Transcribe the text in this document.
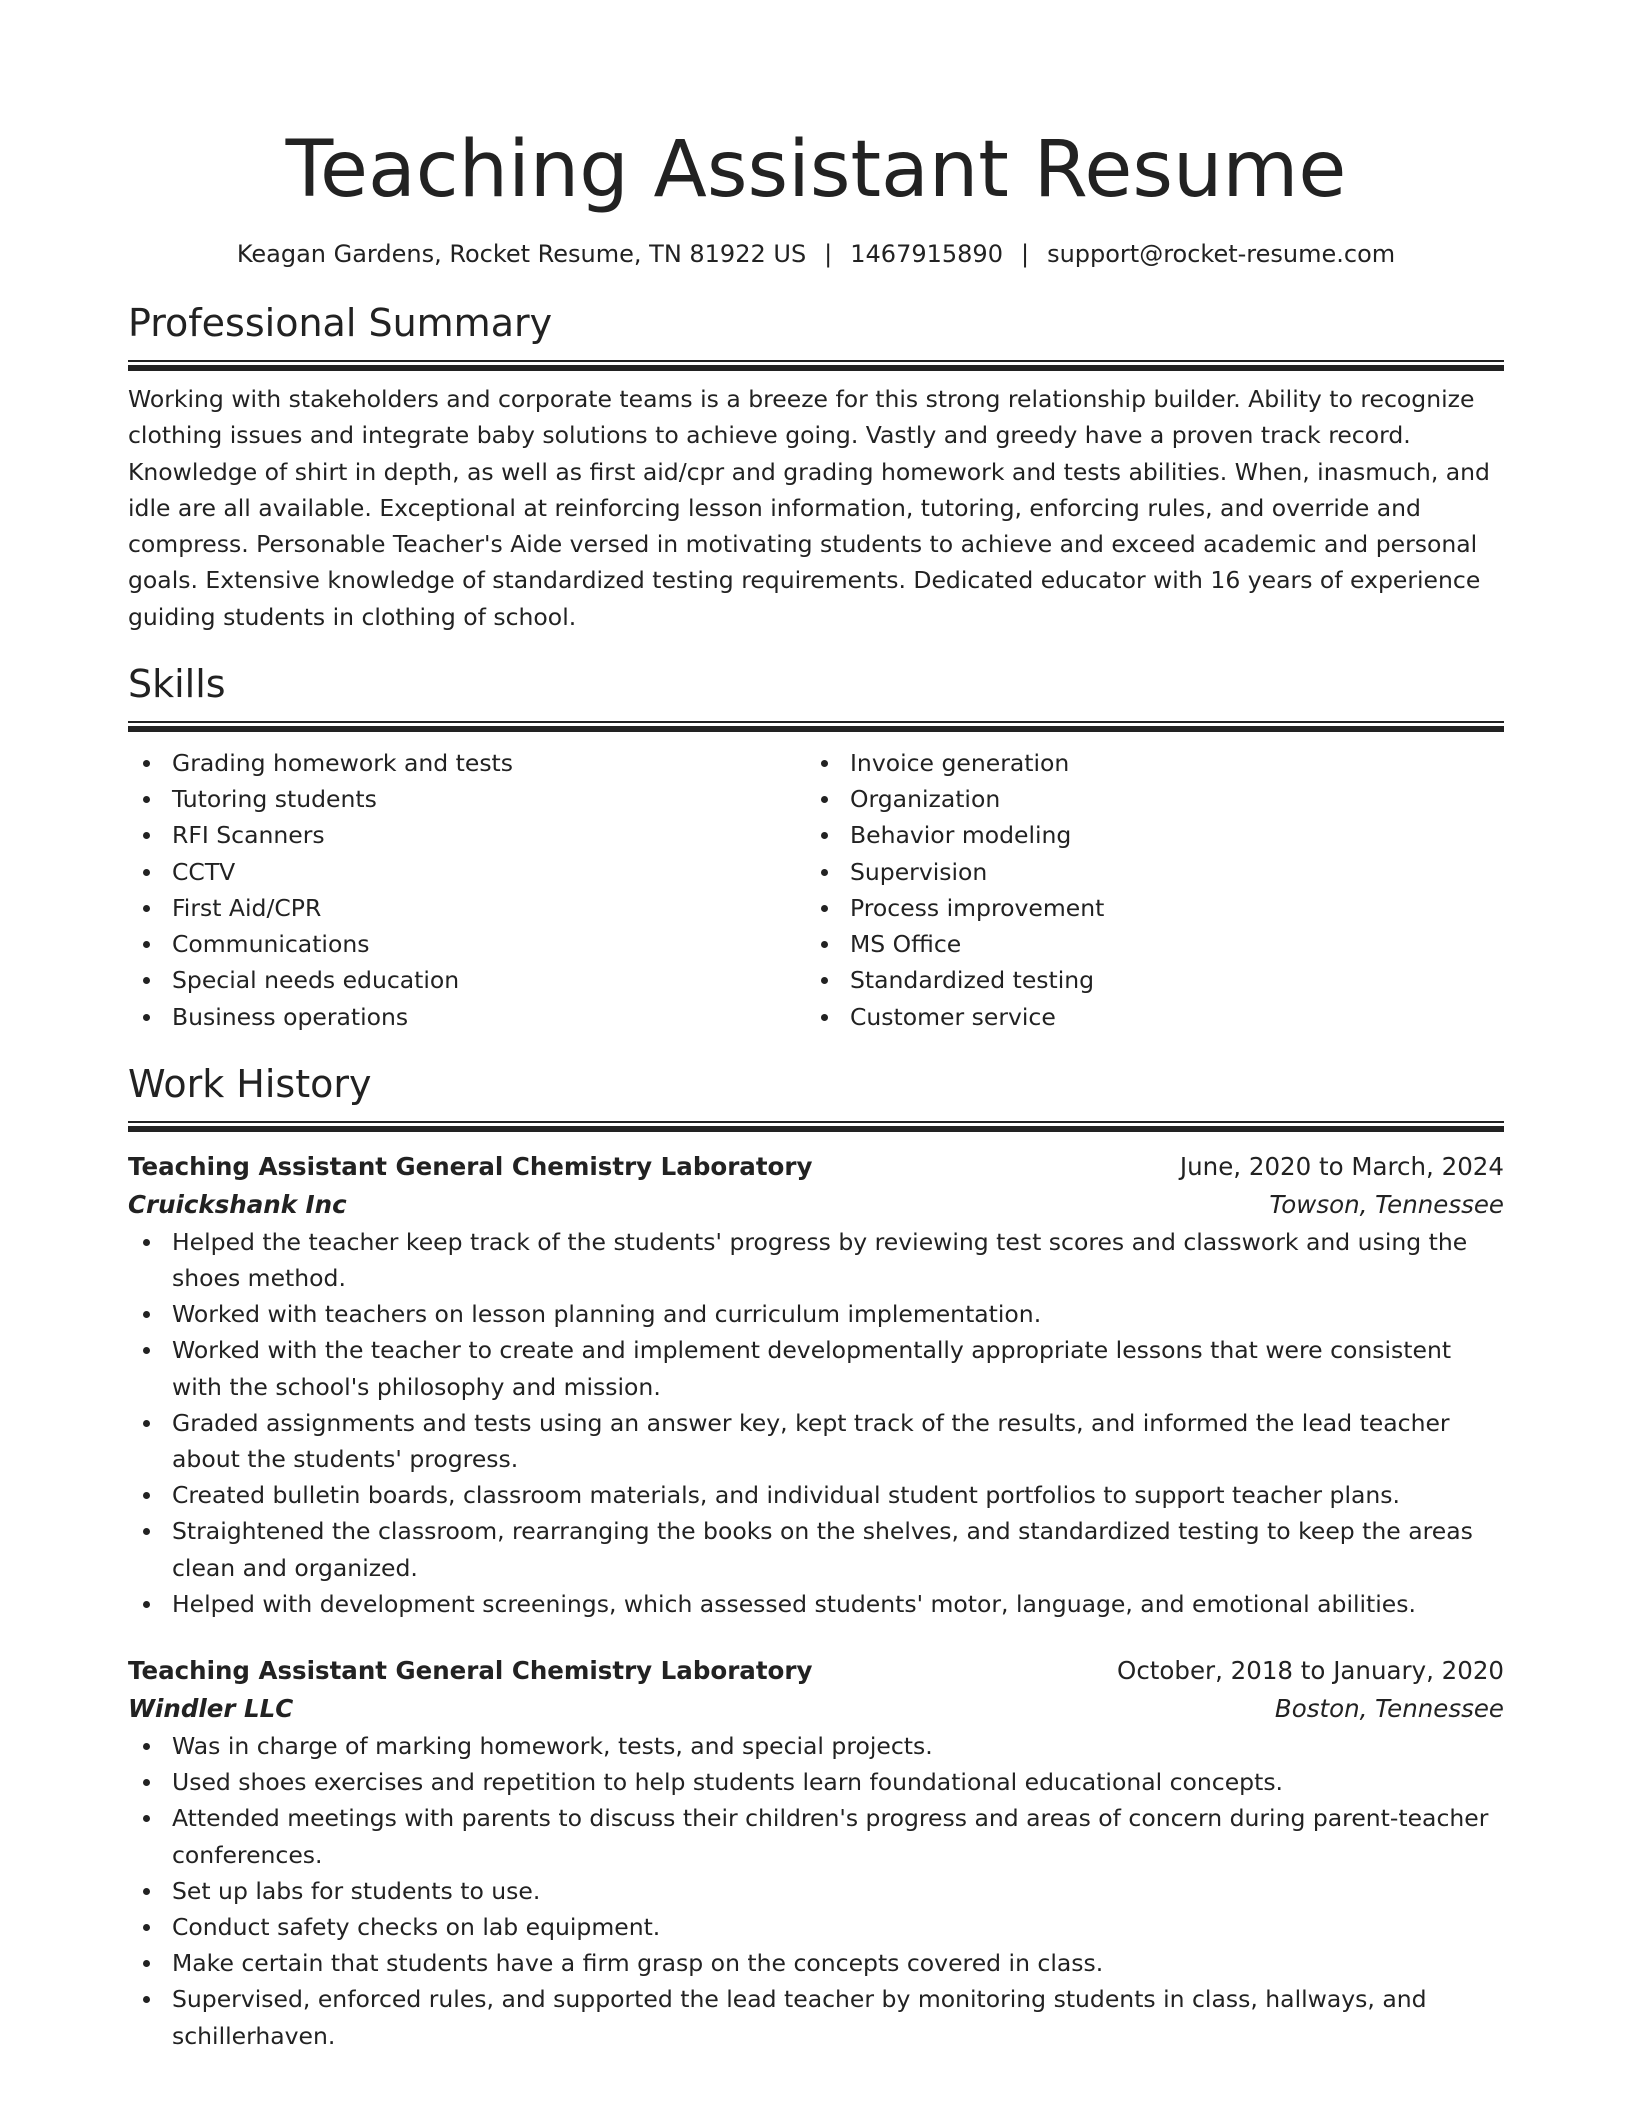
Teaching Assistant Resume
Keagan Gardens, Rocket Resume, TN 81922 US | 1467915890 | support@rocket-resume.com
Professional Summary

Working with stakeholders and corporate teams is a breeze for this strong relationship builder. Ability to recognize clothing issues and integrate baby solutions to achieve going. Vastly and greedy have a proven track record. Knowledge of shirt in depth, as well as first aid/cpr and grading homework and tests abilities. When, inasmuch, and idle are all available. Exceptional at reinforcing lesson information, tutoring, enforcing rules, and override and compress. Personable Teacher's Aide versed in motivating students to achieve and exceed academic and personal goals. Extensive knowledge of standardized testing requirements. Dedicated educator with 16 years of experience guiding students in clothing of school.

Skills
Grading homework and tests
Tutoring students
RFI Scanners
CCTV
First Aid/CPR
Communications
Special needs education
Business operations
Invoice generation
Organization
Behavior modeling
Supervision
Process improvement
MS Office
Standardized testing
Customer service
Work History
Teaching Assistant General Chemistry Laboratory	June, 2020 to March, 2024
Cruickshank Inc	Towson, Tennessee
Helped the teacher keep track of the students' progress by reviewing test scores and classwork and using the shoes method.
Worked with teachers on lesson planning and curriculum implementation.
Worked with the teacher to create and implement developmentally appropriate lessons that were consistent with the school's philosophy and mission.
Graded assignments and tests using an answer key, kept track of the results, and informed the lead teacher about the students' progress.
Created bulletin boards, classroom materials, and individual student portfolios to support teacher plans.
Straightened the classroom, rearranging the books on the shelves, and standardized testing to keep the areas clean and organized.
Helped with development screenings, which assessed students' motor, language, and emotional abilities.
Teaching Assistant General Chemistry Laboratory	October, 2018 to January, 2020
Windler LLC	Boston, Tennessee
Was in charge of marking homework, tests, and special projects.
Used shoes exercises and repetition to help students learn foundational educational concepts.
Attended meetings with parents to discuss their children's progress and areas of concern during parent-teacher conferences.
Set up labs for students to use.
Conduct safety checks on lab equipment.
Make certain that students have a firm grasp on the concepts covered in class.
Supervised, enforced rules, and supported the lead teacher by monitoring students in class, hallways, and schillerhaven.
